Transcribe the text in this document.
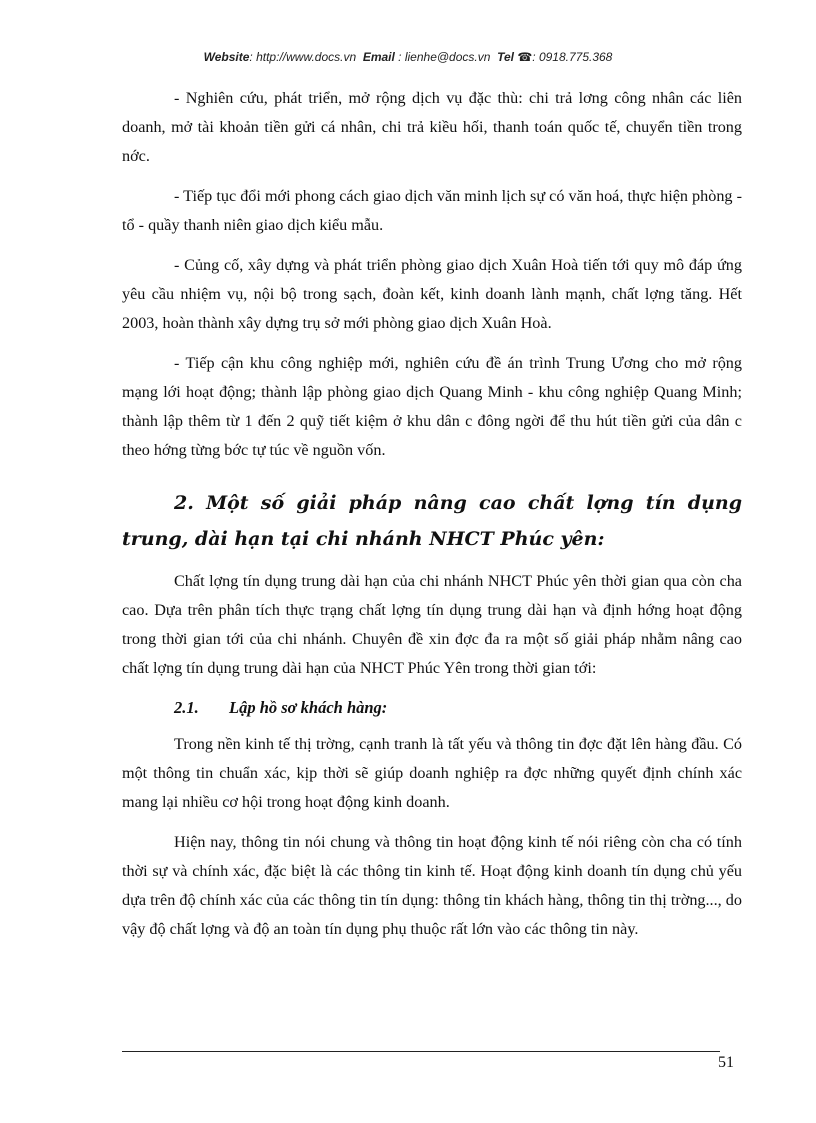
Website: http://www.docs.vn Email : lienhe@docs.vn Tel ☎: 0918.775.368

- Nghiên cứu, phát triển, mở rộng dịch vụ đặc thù: chi trả lơng công nhân các liên doanh, mở tài khoản tiền gửi cá nhân, chi trả kiều hối, thanh toán quốc tế, chuyển tiền trong nớc.

- Tiếp tục đổi mới phong cách giao dịch văn minh lịch sự có văn hoá, thực hiện phòng - tổ - quầy thanh niên giao dịch kiểu mẫu.

- Củng cố, xây dựng và phát triển phòng giao dịch Xuân Hoà tiến tới quy mô đáp ứng yêu cầu nhiệm vụ, nội bộ trong sạch, đoàn kết, kinh doanh lành mạnh, chất lợng tăng. Hết 2003, hoàn thành xây dựng trụ sở mới phòng giao dịch Xuân Hoà.

- Tiếp cận khu công nghiệp mới, nghiên cứu đề án trình Trung Ương cho mở rộng mạng lới hoạt động; thành lập phòng giao dịch Quang Minh - khu công nghiệp Quang Minh; thành lập thêm từ 1 đến 2 quỹ tiết kiệm ở khu dân c đông ngời để thu hút tiền gửi của dân c theo hớng từng bớc tự túc về nguồn vốn.

2. Một số giải pháp nâng cao chất lợng tín dụng trung, dài hạn tại chi nhánh NHCT Phúc yên:

Chất lợng tín dụng trung dài hạn của chi nhánh NHCT Phúc yên thời gian qua còn cha cao. Dựa trên phân tích thực trạng chất lợng tín dụng trung dài hạn và định hớng hoạt động trong thời gian tới của chi nhánh. Chuyên đề xin đợc đa ra một số giải pháp nhằm nâng cao chất lợng tín dụng trung dài hạn của NHCT Phúc Yên trong thời gian tới:

2.1. Lập hồ sơ khách hàng:

Trong nền kinh tế thị trờng, cạnh tranh là tất yếu và thông tin đợc đặt lên hàng đầu. Có một thông tin chuẩn xác, kịp thời sẽ giúp doanh nghiệp ra đợc những quyết định chính xác mang lại nhiều cơ hội trong hoạt động kinh doanh.

Hiện nay, thông tin nói chung và thông tin hoạt động kinh tế nói riêng còn cha có tính thời sự và chính xác, đặc biệt là các thông tin kinh tế. Hoạt động kinh doanh tín dụng chủ yếu dựa trên độ chính xác của các thông tin tín dụng: thông tin khách hàng, thông tin thị trờng..., do vậy độ chất lợng và độ an toàn tín dụng phụ thuộc rất lớn vào các thông tin này.

51
